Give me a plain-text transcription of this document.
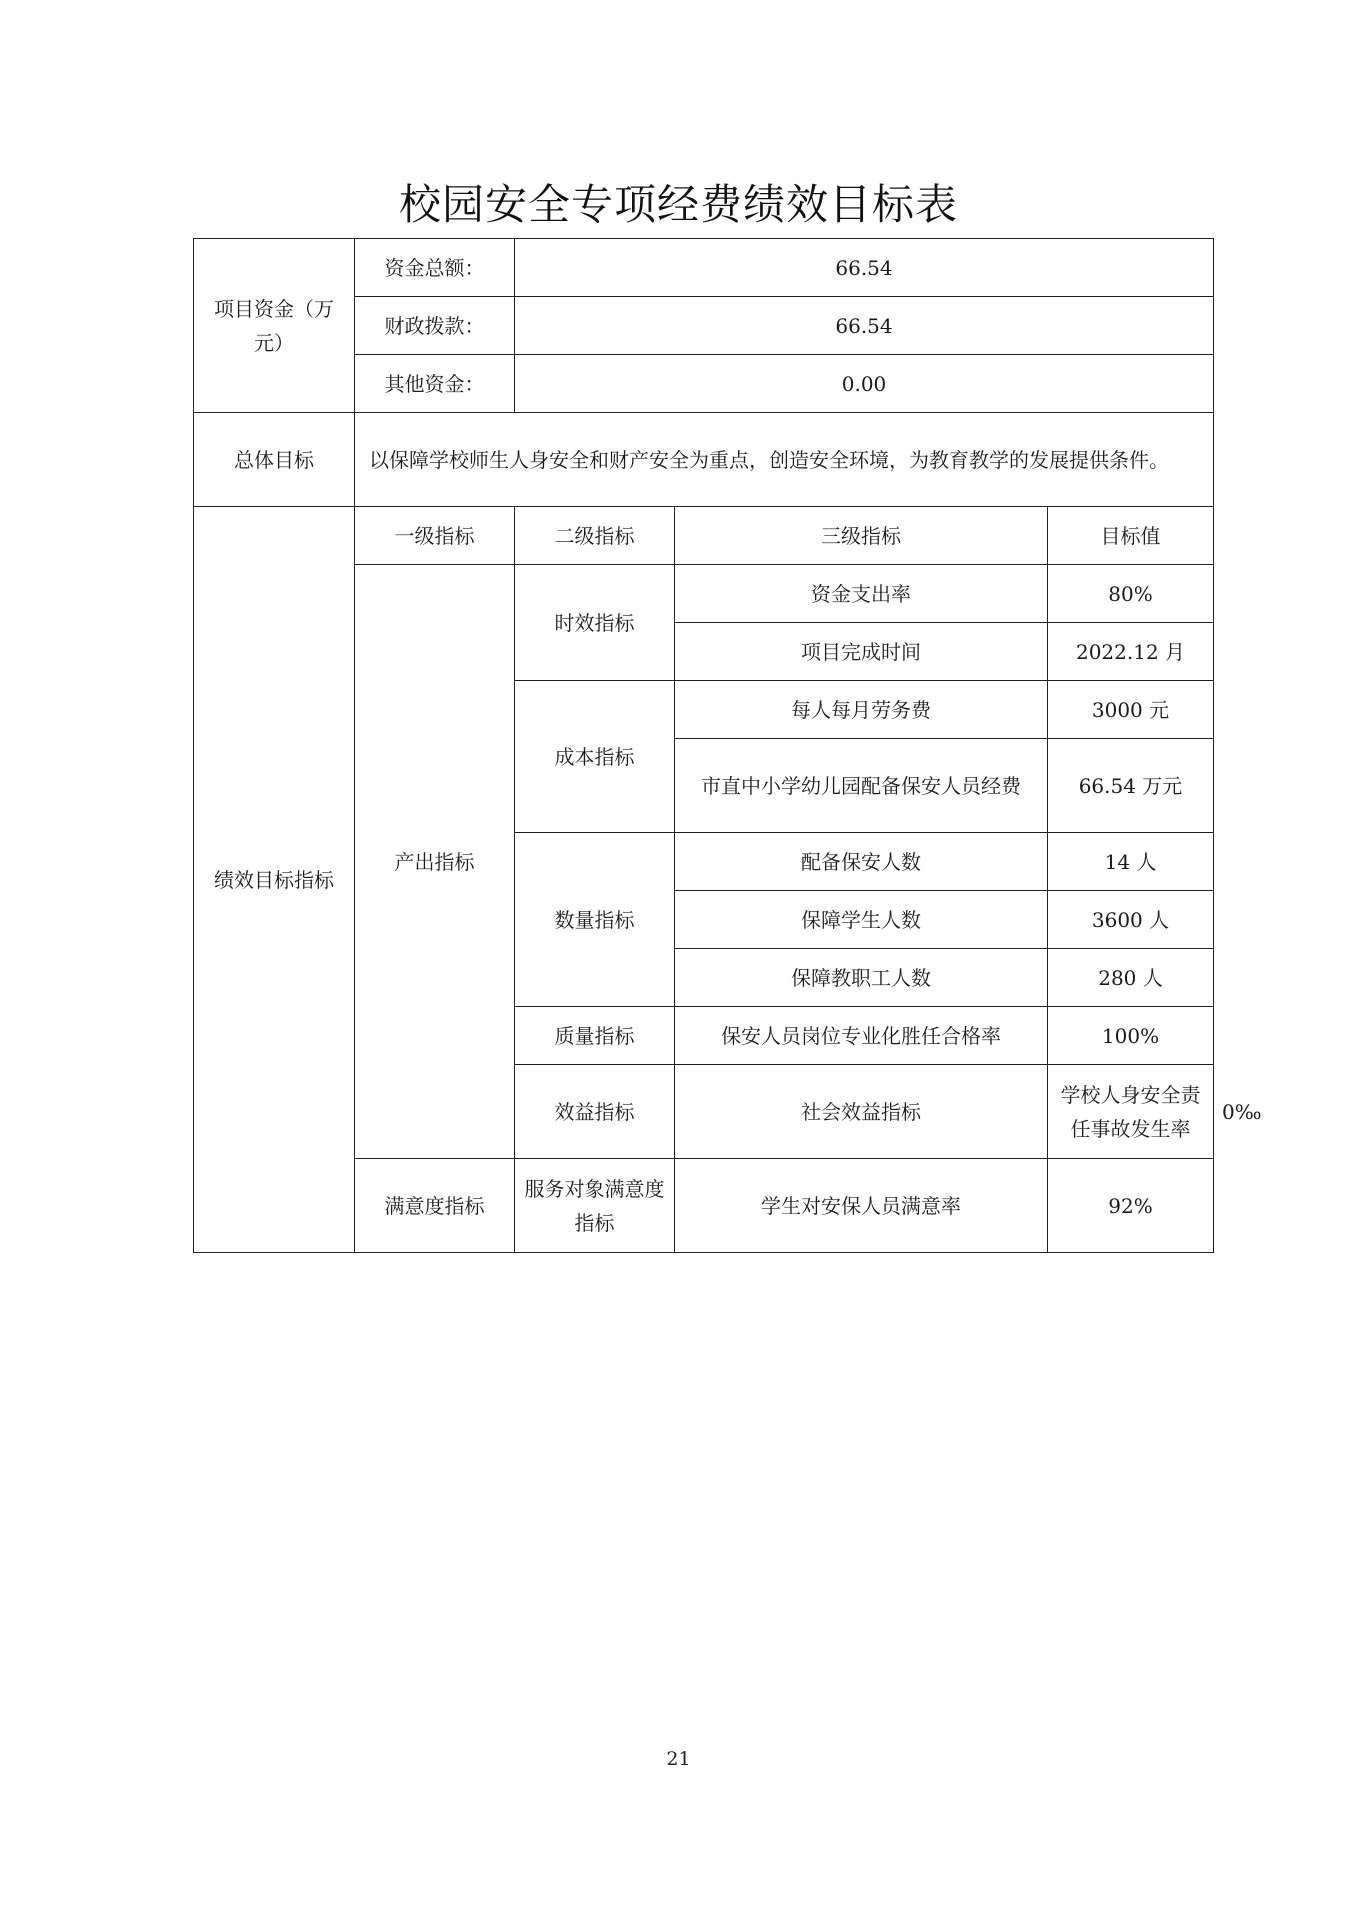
校园安全专项经费绩效目标表
项目资金（万元）	资金总额：	66.54			
	财政拨款：	66.54			
	其他资金：	0.00			
总体目标	以保障学校师生人身安全和财产安全为重点，创造安全环境，为教育教学的发展提供条件。				
绩效目标指标	一级指标	二级指标	三级指标	目标值	
	产出指标	时效指标	资金支出率	80%	
			项目完成时间	2022.12 月	
		成本指标	每人每月劳务费	3000 元	
			市直中小学幼儿园配备保安人员经费	66.54 万元	
		数量指标	配备保安人数	14 人	
			保障学生人数	3600 人	
			保障教职工人数	280 人	
		质量指标	保安人员岗位专业化胜任合格率	100%	
		效益指标	社会效益指标	学校人身安全责任事故发生率	0‰
	满意度指标	服务对象满意度指标	学生对安保人员满意率	92%	
21
